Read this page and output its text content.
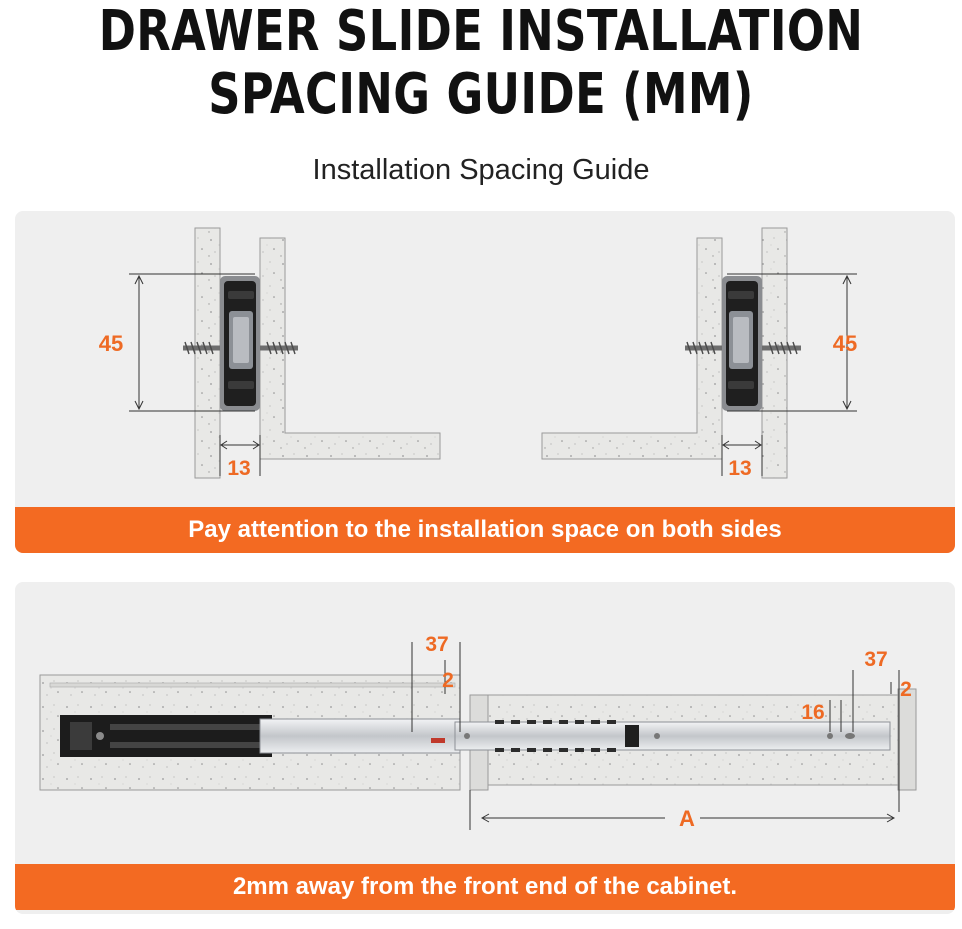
DRAWER SLIDE INSTALLATION
SPACING GUIDE (MM)
Installation Spacing Guide
45
13
45
13
Pay attention to the installation space on both sides
37
2
37
2
16
A
2mm away from the front end of the cabinet.
